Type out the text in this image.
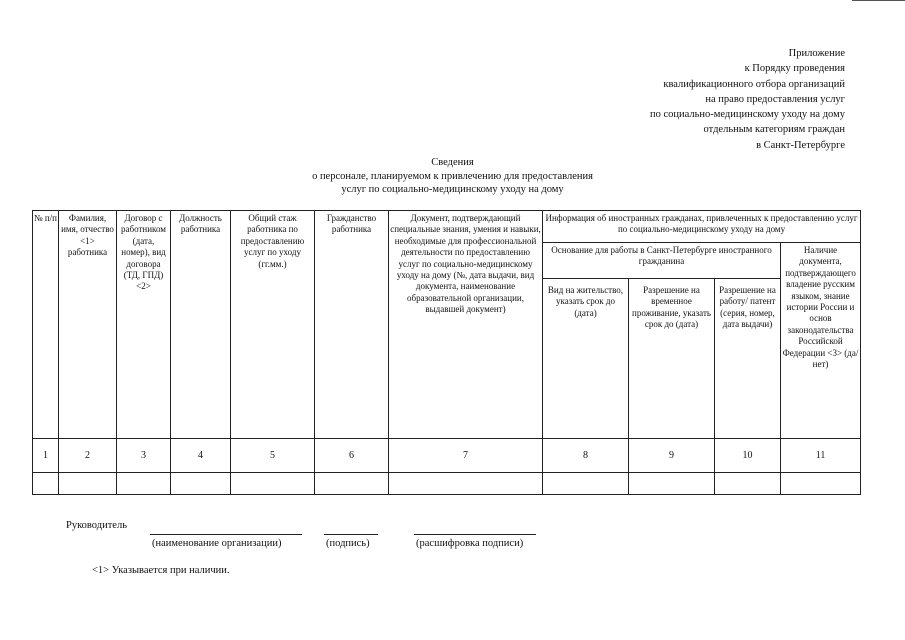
Приложение
к Порядку проведения
квалификационного отбора организаций
на право предоставления услуг
по социально-медицинскому уходу на дому
отдельным категориям граждан
в Санкт-Петербурге
Сведения
о персонале, планируемом к привлечению для предоставления
услуг по социально-медицинскому уходу на дому
№ п/п	Фамилия, имя, отчество <1> работника	Договор с работником (дата, номер), вид договора (ТД, ГПД) <2>	Должность работника	Общий стаж работника по предоставлению услуг по уходу (гг.мм.)	Гражданство работника	Документ, подтверждающий специальные знания, умения и навыки, необходимые для профессиональной деятельности по предоставлению услуг по социально-медицинскому уходу на дому (№, дата выдачи, вид документа, наименование образовательной организации, выдавшей документ)	Информация об иностранных гражданах, привлеченных к предоставлению услуг по социально-медицинскому уходу на дому			
							Основание для работы в Санкт-Петербурге иностранного гражданина			Наличие документа, подтверждающего владение русским языком, знание истории России и основ законодательства Российской Федерации <3> (да/нет)
							Вид на жительство, указать срок до (дата)	Разрешение на временное проживание, указать срок до (дата)	Разрешение на работу/ патент (серия, номер, дата выдачи)	
1	2	3	4	5	6	7	8	9	10	11

Руководитель
(наименование организации)	(подпись)	(расшифровка подписи)
<1> Указывается при наличии.
